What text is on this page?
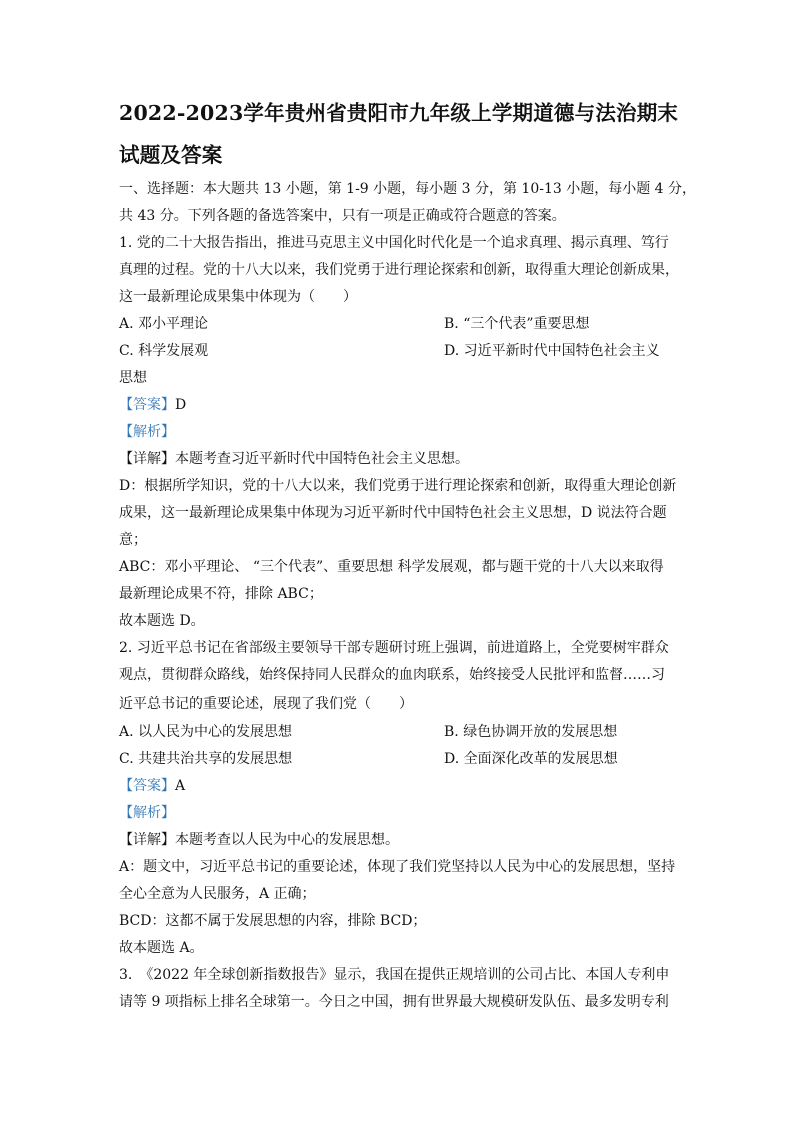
2022-2023学年贵州省贵阳市九年级上学期道德与法治期末
试题及答案
一、选择题：本大题共 13 小题，第 1-9 小题，每小题 3 分，第 10-13 小题，每小题 4 分，
共 43 分。下列各题的备选答案中，只有一项是正确或符合题意的答案。
1. 党的二十大报告指出，推进马克思主义中国化时代化是一个追求真理、揭示真理、笃行
真理的过程。党的十八大以来，我们党勇于进行理论探索和创新，取得重大理论创新成果，
这一最新理论成果集中体现为（　　）
A. 邓小平理论	B. “三个代表”重要思想
C. 科学发展观	D. 习近平新时代中国特色社会主义
思想
【答案】D
【解析】
【详解】本题考查习近平新时代中国特色社会主义思想。
D：根据所学知识，党的十八大以来，我们党勇于进行理论探索和创新，取得重大理论创新
成果，这一最新理论成果集中体现为习近平新时代中国特色社会主义思想，D 说法符合题
意；
ABC：邓小平理论、 “三个代表”、重要思想 科学发展观，都与题干党的十八大以来取得
最新理论成果不符，排除 ABC；
故本题选 D。
2. 习近平总书记在省部级主要领导干部专题研讨班上强调，前进道路上，全党要树牢群众
观点，贯彻群众路线，始终保持同人民群众的血肉联系，始终接受人民批评和监督……习
近平总书记的重要论述，展现了我们党（　　）
A. 以人民为中心的发展思想	B. 绿色协调开放的发展思想
C. 共建共治共享的发展思想	D. 全面深化改革的发展思想
【答案】A
【解析】
【详解】本题考查以人民为中心的发展思想。
A：题文中，习近平总书记的重要论述，体现了我们党坚持以人民为中心的发展思想，坚持
全心全意为人民服务，A 正确；
BCD：这都不属于发展思想的内容，排除 BCD；
故本题选 A。
3.　《2022 年全球创新指数报告》显示，我国在提供正规培训的公司占比、本国人专利申
请等 9 项指标上排名全球第一。今日之中国，拥有世界最大规模研发队伍、最多发明专利
